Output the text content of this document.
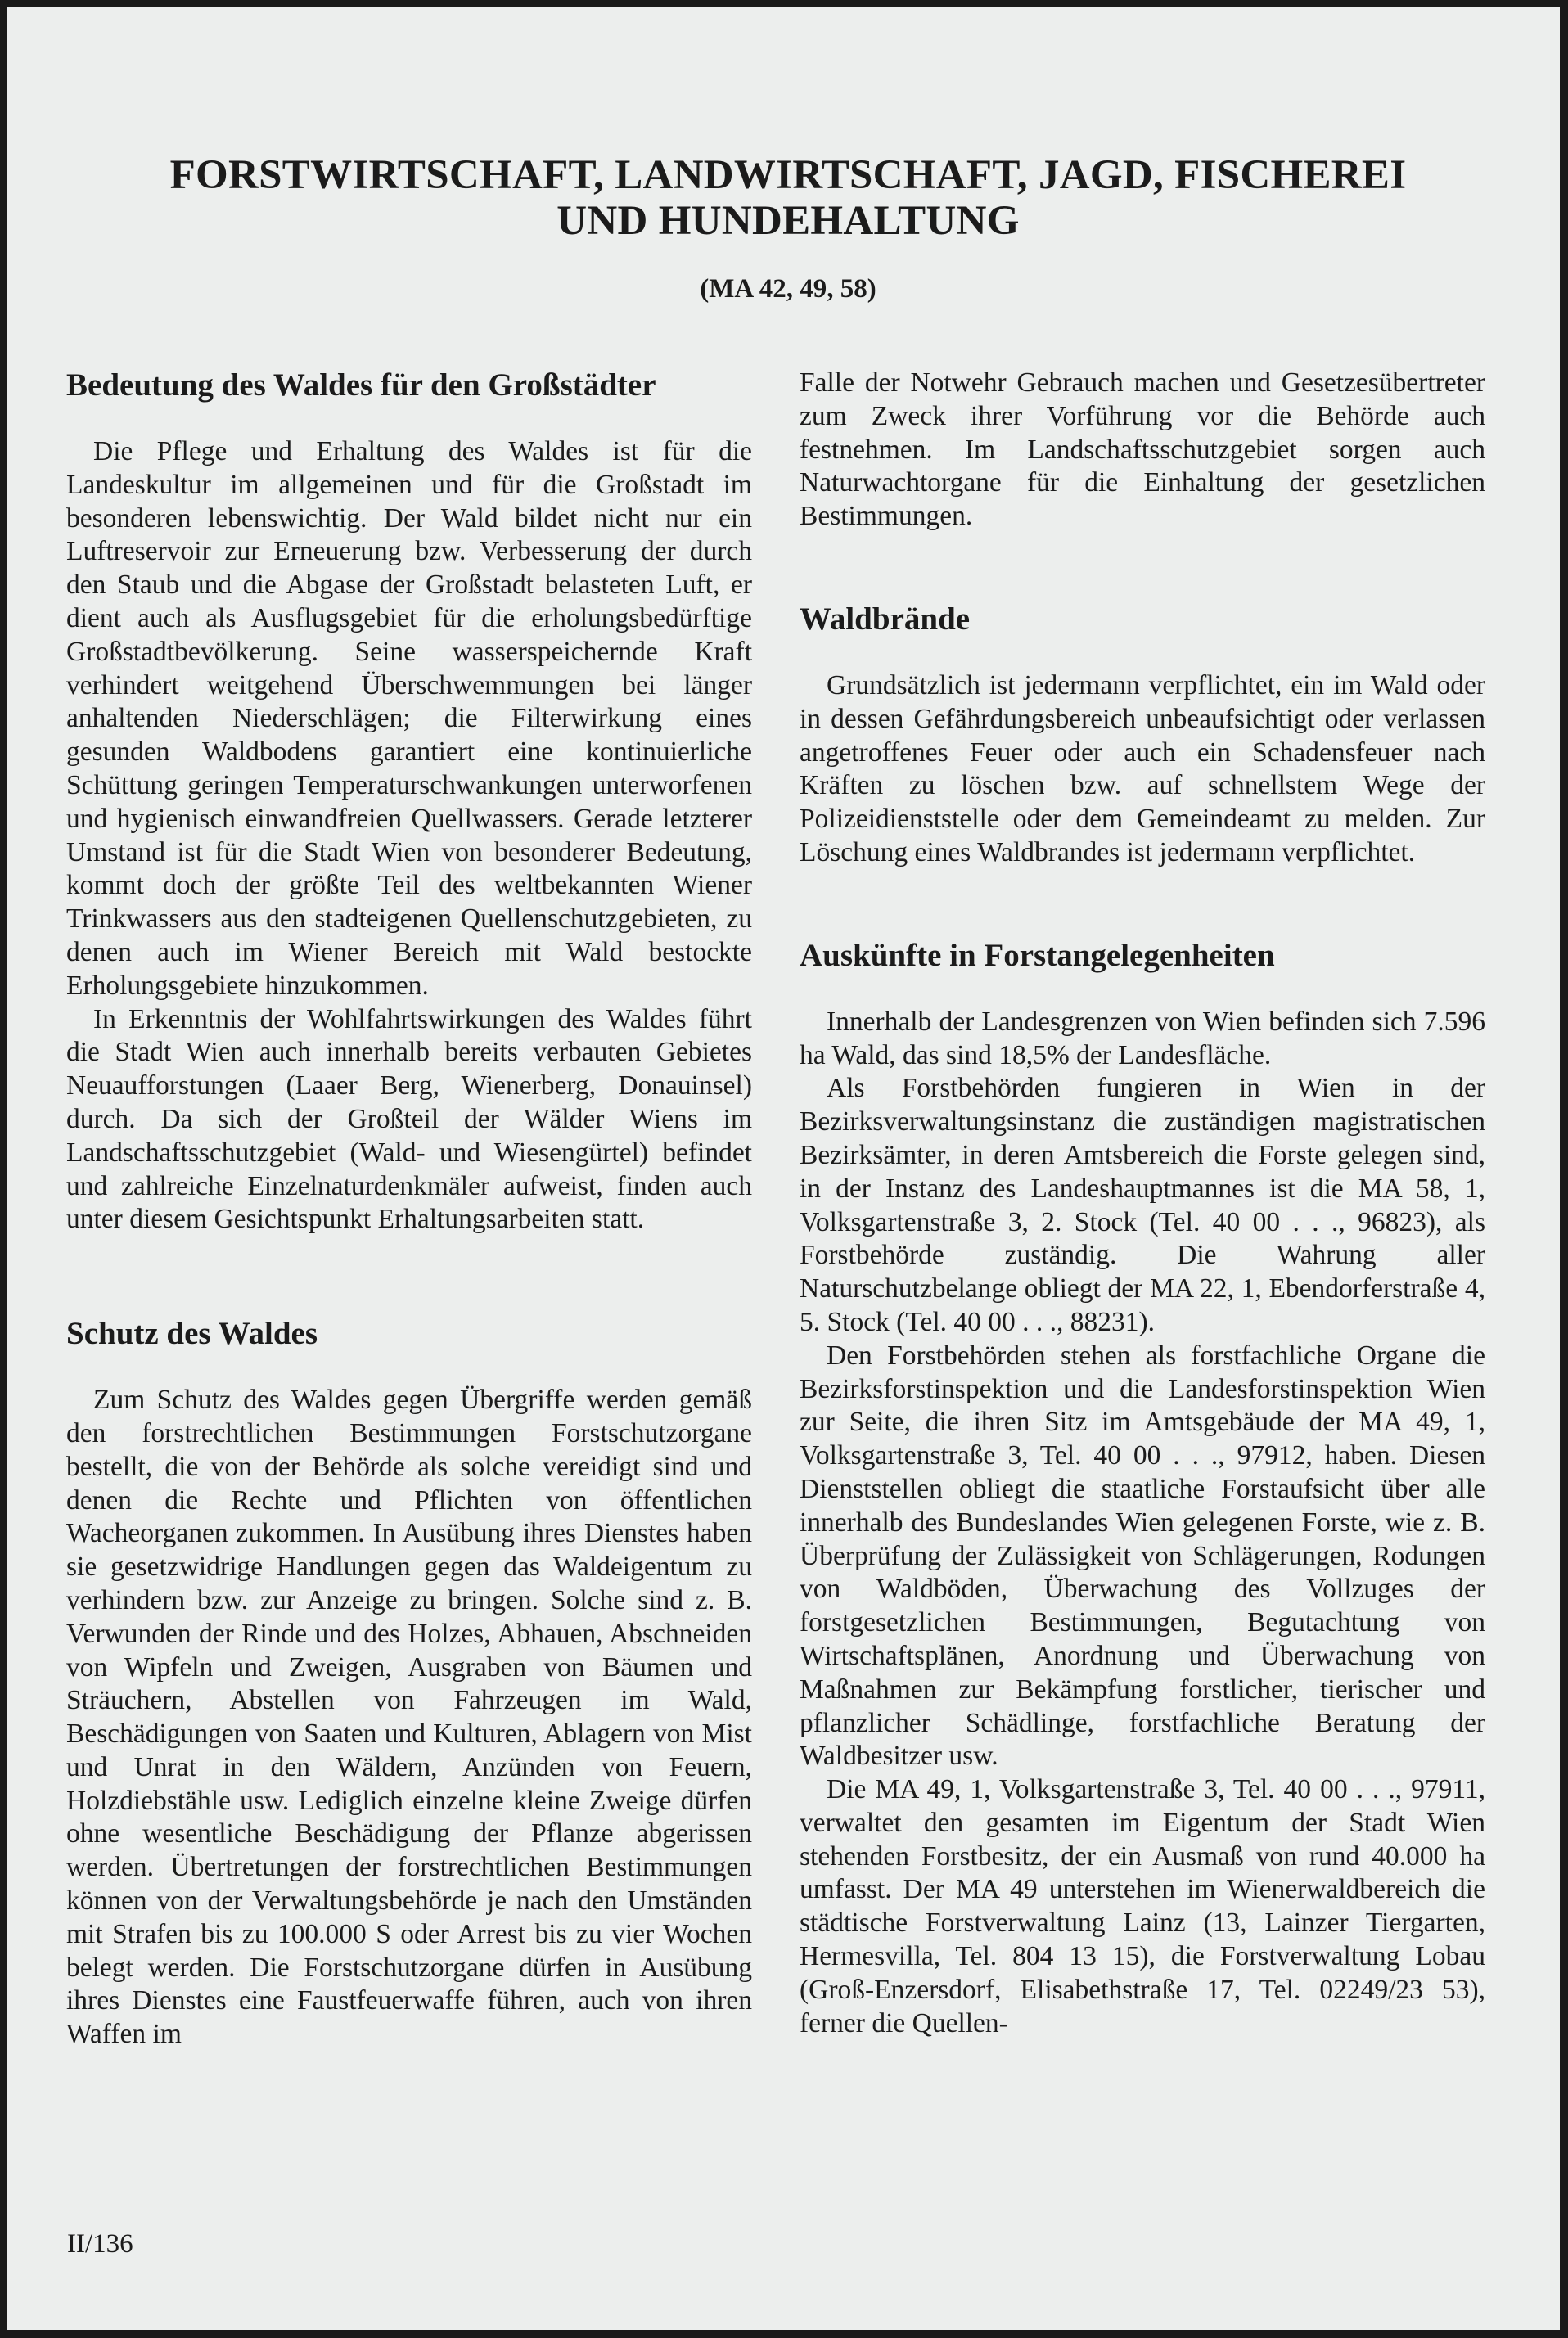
FORSTWIRTSCHAFT, LANDWIRTSCHAFT, JAGD, FISCHEREI
UND HUNDEHALTUNG
(MA 42, 49, 58)
Bedeutung des Waldes für den Großstädter

Die Pflege und Erhaltung des Waldes ist für die Landeskultur im allgemeinen und für die Großstadt im besonderen lebenswichtig. Der Wald bildet nicht nur ein Luftreservoir zur Erneuerung bzw. Verbesserung der durch den Staub und die Abgase der Großstadt belasteten Luft, er dient auch als Ausflugsgebiet für die erholungsbedürftige Großstadtbevölkerung. Seine wasserspeichernde Kraft verhindert weitgehend Überschwemmungen bei länger anhaltenden Niederschlägen; die Filterwirkung eines gesunden Waldbodens garantiert eine kontinuierliche Schüttung geringen Temperaturschwankungen unterworfenen und hygienisch einwandfreien Quellwassers. Gerade letzterer Umstand ist für die Stadt Wien von besonderer Bedeutung, kommt doch der größte Teil des weltbekannten Wiener Trinkwassers aus den stadteigenen Quellenschutzgebieten, zu denen auch im Wiener Bereich mit Wald bestockte Erholungsgebiete hinzukommen.

In Erkenntnis der Wohlfahrtswirkungen des Waldes führt die Stadt Wien auch innerhalb bereits verbauten Gebietes Neuaufforstungen (Laaer Berg, Wienerberg, Donauinsel) durch. Da sich der Großteil der Wälder Wiens im Landschaftsschutzgebiet (Wald- und Wiesengürtel) befindet und zahlreiche Einzelnaturdenkmäler aufweist, finden auch unter diesem Gesichtspunkt Erhaltungsarbeiten statt.

Schutz des Waldes

Zum Schutz des Waldes gegen Übergriffe werden gemäß den forstrechtlichen Bestimmungen Forstschutzorgane bestellt, die von der Behörde als solche vereidigt sind und denen die Rechte und Pflichten von öffentlichen Wacheorganen zukommen. In Ausübung ihres Dienstes haben sie gesetzwidrige Handlungen gegen das Waldeigentum zu verhindern bzw. zur Anzeige zu bringen. Solche sind z. B. Verwunden der Rinde und des Holzes, Abhauen, Abschneiden von Wipfeln und Zweigen, Ausgraben von Bäumen und Sträuchern, Abstellen von Fahrzeugen im Wald, Beschädigungen von Saaten und Kulturen, Ablagern von Mist und Unrat in den Wäldern, Anzünden von Feuern, Holzdiebstähle usw. Lediglich einzelne kleine Zweige dürfen ohne wesentliche Beschädigung der Pflanze abgerissen werden. Übertretungen der forstrechtlichen Bestimmungen können von der Verwaltungsbehörde je nach den Umständen mit Strafen bis zu 100.000 S oder Arrest bis zu vier Wochen belegt werden. Die Forstschutzorgane dürfen in Ausübung ihres Dienstes eine Faustfeuerwaffe führen, auch von ihren Waffen im

Falle der Notwehr Gebrauch machen und Gesetzesübertreter zum Zweck ihrer Vorführung vor die Behörde auch festnehmen. Im Landschaftsschutzgebiet sorgen auch Naturwachtorgane für die Einhaltung der gesetzlichen Bestimmungen.

Waldbrände

Grundsätzlich ist jedermann verpflichtet, ein im Wald oder in dessen Gefährdungsbereich unbeaufsichtigt oder verlassen angetroffenes Feuer oder auch ein Schadensfeuer nach Kräften zu löschen bzw. auf schnellstem Wege der Polizeidienststelle oder dem Gemeindeamt zu melden. Zur Löschung eines Waldbrandes ist jedermann verpflichtet.

Auskünfte in Forstangelegenheiten

Innerhalb der Landesgrenzen von Wien befinden sich 7.596 ha Wald, das sind 18,5% der Landesfläche.

Als Forstbehörden fungieren in Wien in der Bezirksverwaltungsinstanz die zuständigen magistratischen Bezirksämter, in deren Amtsbereich die Forste gelegen sind, in der Instanz des Landeshauptmannes ist die MA 58, 1, Volksgartenstraße 3, 2. Stock (Tel. 40 00 . . ., 96823), als Forstbehörde zuständig. Die Wahrung aller Naturschutzbelange obliegt der MA 22, 1, Ebendorferstraße 4, 5. Stock (Tel. 40 00 . . ., 88231).

Den Forstbehörden stehen als forstfachliche Organe die Bezirksforstinspektion und die Landesforstinspektion Wien zur Seite, die ihren Sitz im Amtsgebäude der MA 49, 1, Volksgartenstraße 3, Tel. 40 00 . . ., 97912, haben. Diesen Dienststellen obliegt die staatliche Forstaufsicht über alle innerhalb des Bundeslandes Wien gelegenen Forste, wie z. B. Überprüfung der Zulässigkeit von Schlägerungen, Rodungen von Waldböden, Überwachung des Vollzuges der forstgesetzlichen Bestimmungen, Begutachtung von Wirtschaftsplänen, Anordnung und Überwachung von Maßnahmen zur Bekämpfung forstlicher, tierischer und pflanzlicher Schädlinge, forstfachliche Beratung der Waldbesitzer usw.

Die MA 49, 1, Volksgartenstraße 3, Tel. 40 00 . . ., 97911, verwaltet den gesamten im Eigentum der Stadt Wien stehenden Forstbesitz, der ein Ausmaß von rund 40.000 ha umfasst. Der MA 49 unterstehen im Wienerwaldbereich die städtische Forstverwaltung Lainz (13, Lainzer Tiergarten, Hermesvilla, Tel. 804 13 15), die Forstverwaltung Lobau (Groß-Enzersdorf, Elisabethstraße 17, Tel. 02249/23 53), ferner die Quellen-

II/136
